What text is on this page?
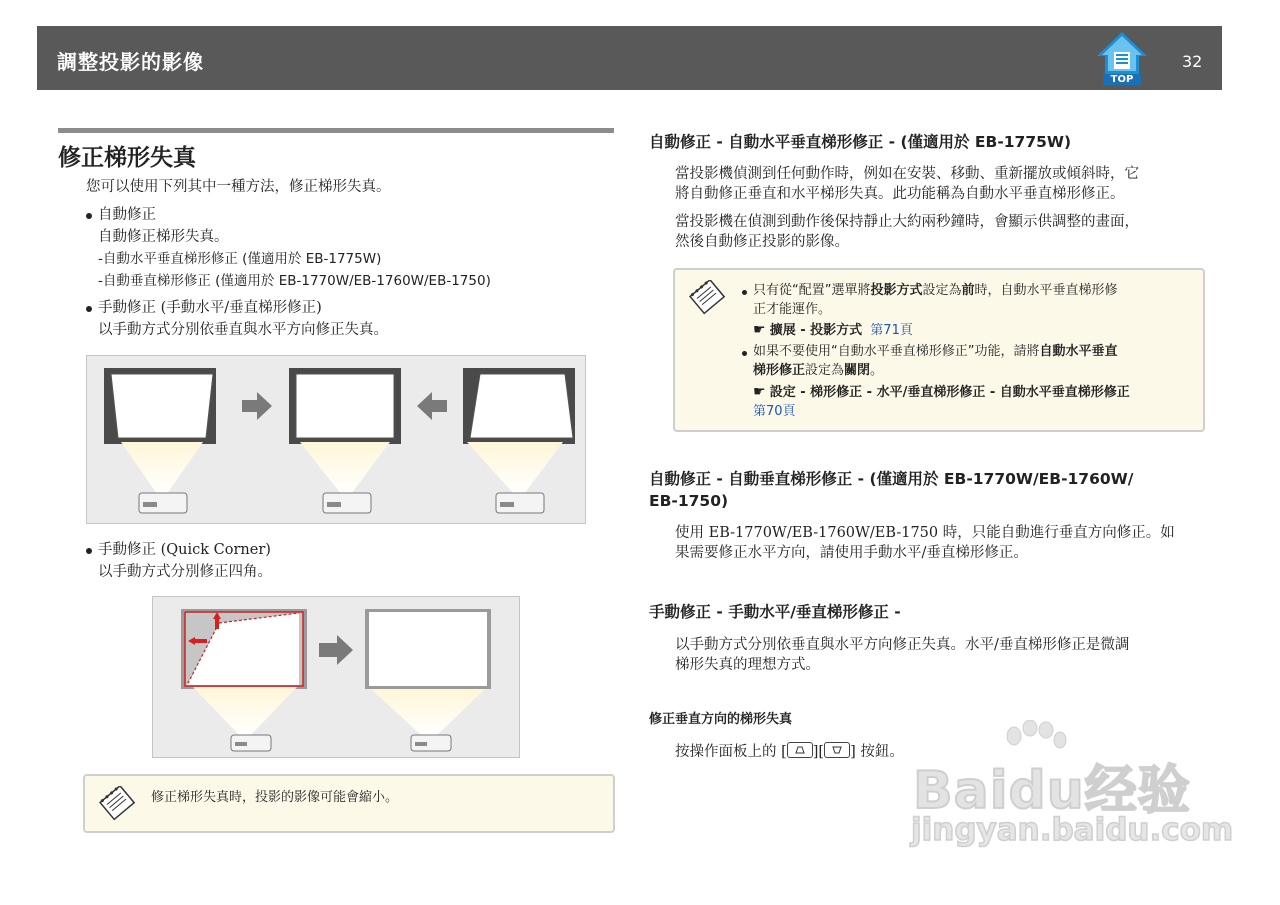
調整投影的影像
TOP
32
修正梯形失真
您可以使用下列其中一種方法，修正梯形失真。
自動修正
自動修正梯形失真。
-自動水平垂直梯形修正 (僅適用於 EB-1775W)
-自動垂直梯形修正 (僅適用於 EB-1770W/EB-1760W/EB-1750)
手動修正 (手動水平/垂直梯形修正)
以手動方式分別依垂直與水平方向修正失真。
手動修正 (Quick Corner)
以手動方式分別修正四角。
修正梯形失真時，投影的影像可能會縮小。
自動修正 - 自動水平垂直梯形修正 - (僅適用於 EB-1775W)
當投影機偵測到任何動作時，例如在安裝、移動、重新擺放或傾斜時，它
將自動修正垂直和水平梯形失真。此功能稱為自動水平垂直梯形修正。
當投影機在偵測到動作後保持靜止大約兩秒鐘時，會顯示供調整的畫面，
然後自動修正投影的影像。
只有從“配置”選單將投影方式設定為前時，自動水平垂直梯形修
正才能運作。
☛ 擴展 - 投影方式 第71頁
如果不要使用“自動水平垂直梯形修正”功能，請將自動水平垂直
梯形修正設定為關閉。
☛ 設定 - 梯形修正 - 水平/垂直梯形修正 - 自動水平垂直梯形修正
第70頁
自動修正 - 自動垂直梯形修正 - (僅適用於 EB-1770W/EB-1760W/
EB-1750)
使用 EB-1770W/EB-1760W/EB-1750 時，只能自動進行垂直方向修正。如
果需要修正水平方向，請使用手動水平/垂直梯形修正。
手動修正 - 手動水平/垂直梯形修正 -
以手動方式分別依垂直與水平方向修正失真。水平/垂直梯形修正是微調
梯形失真的理想方式。
修正垂直方向的梯形失真
按操作面板上的 [ ][ ] 按鈕。
Baidu经验
jingyan.baidu.com
